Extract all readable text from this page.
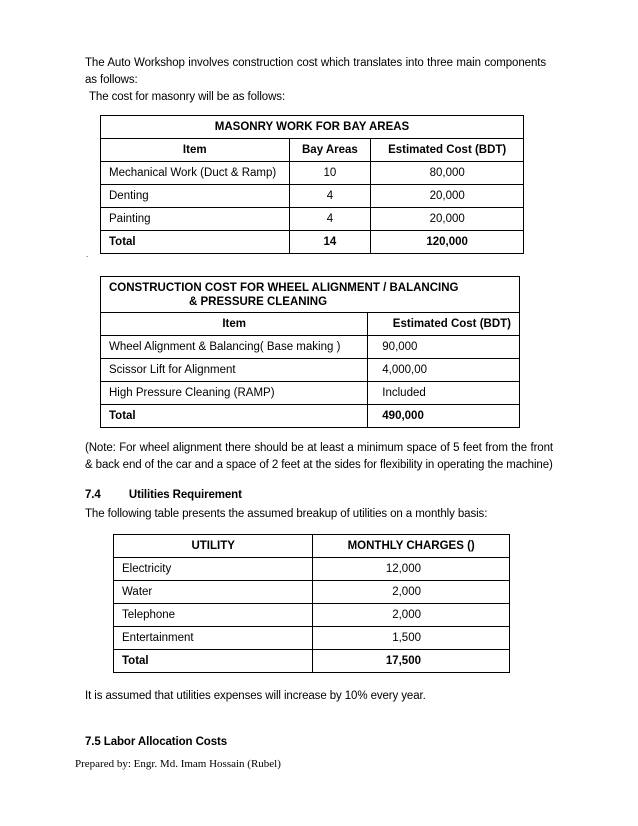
The Auto Workshop involves construction cost which translates into three main components as follows:
The cost for masonry will be as follows:
MASONRY WORK FOR BAY AREAS		
Item	Bay Areas	Estimated Cost (BDT)
Mechanical Work (Duct & Ramp)	10	80,000
Denting	4	20,000
Painting	4	20,000
Total	14	120,000
.
CONSTRUCTION COST FOR WHEEL ALIGNMENT / BALANCING
& PRESSURE CLEANING	

Item	Estimated Cost (BDT)
Wheel Alignment & Balancing( Base making )	90,000
Scissor Lift for Alignment	4,000,00
High Pressure Cleaning (RAMP)	Included
Total	490,000
(Note: For wheel alignment there should be at least a minimum space of 5 feet from the front & back end of the car and a space of 2 feet at the sides for flexibility in operating the machine)
7.4 Utilities Requirement
The following table presents the assumed breakup of utilities on a monthly basis:
UTILITY	MONTHLY CHARGES ()
Electricity	12,000
Water	2,000
Telephone	2,000
Entertainment	1,500
Total	17,500
It is assumed that utilities expenses will increase by 10% every year.
7.5 Labor Allocation Costs
Prepared by: Engr. Md. Imam Hossain (Rubel)
